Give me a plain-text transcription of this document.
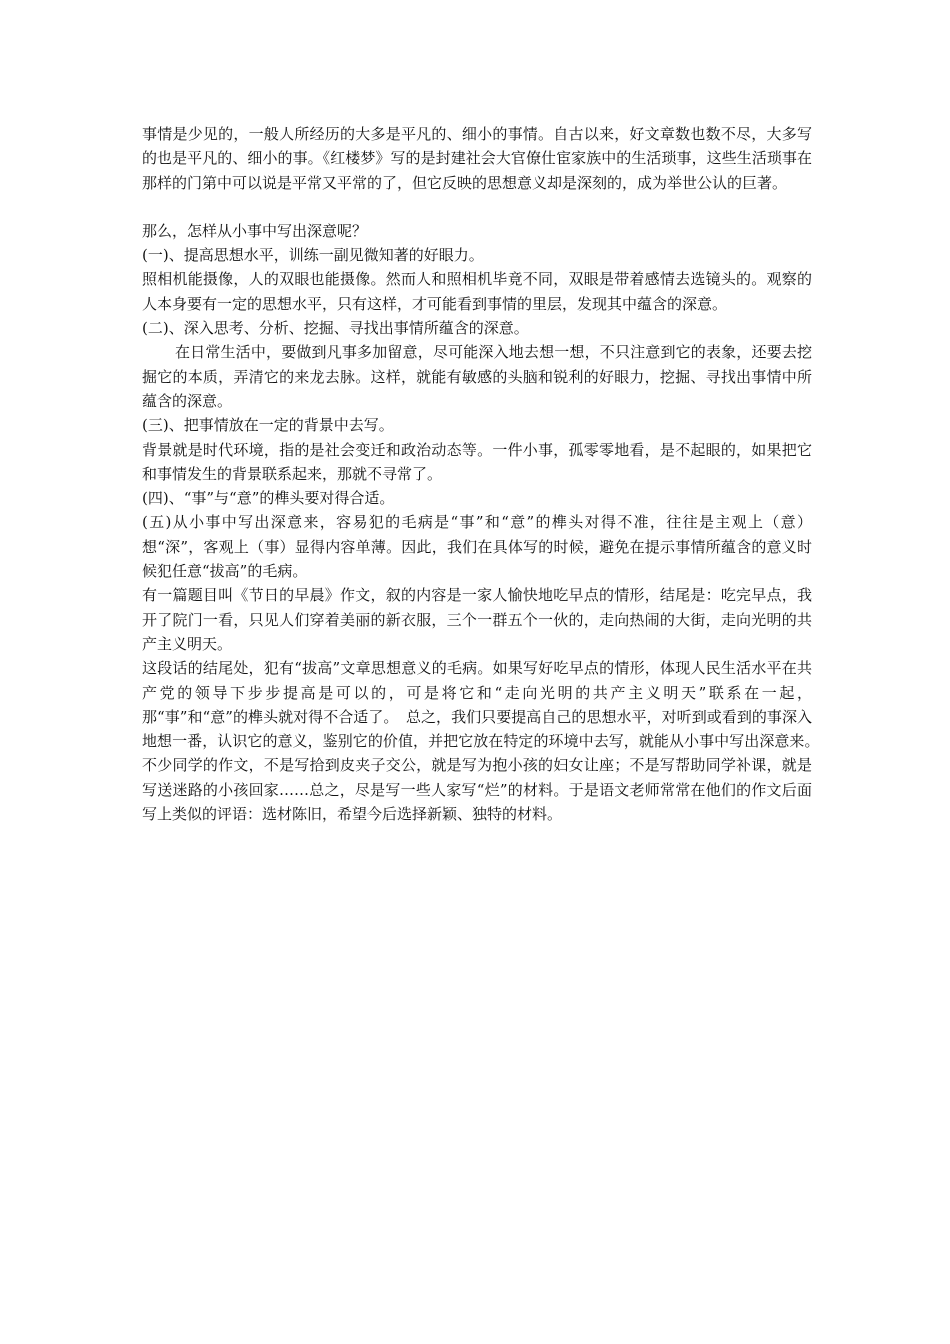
事情是少见的，一般人所经历的大多是平凡的、细小的事情。自古以来，好文章数也数不尽，大多写的也是平凡的、细小的事。《红楼梦》写的是封建社会大官僚仕宦家族中的生活琐事，这些生活琐事在那样的门第中可以说是平常又平常的了，但它反映的思想意义却是深刻的，成为举世公认的巨著。

那么，怎样从小事中写出深意呢？

(一)、提高思想水平，训练一副见微知著的好眼力。

照相机能摄像，人的双眼也能摄像。然而人和照相机毕竟不同，双眼是带着感情去选镜头的。观察的人本身要有一定的思想水平，只有这样，才可能看到事情的里层，发现其中蕴含的深意。

(二)、深入思考、分析、挖掘、寻找出事情所蕴含的深意。

在日常生活中，要做到凡事多加留意，尽可能深入地去想一想，不只注意到它的表象，还要去挖掘它的本质，弄清它的来龙去脉。这样，就能有敏感的头脑和锐利的好眼力，挖掘、寻找出事情中所蕴含的深意。

(三)、把事情放在一定的背景中去写。

背景就是时代环境，指的是社会变迁和政治动态等。一件小事，孤零零地看，是不起眼的，如果把它和事情发生的背景联系起来，那就不寻常了。

(四)、“事”与“意”的榫头要对得合适。

(五)从小事中写出深意来，容易犯的毛病是“事”和“意”的榫头对得不准，往往是主观上（意）想“深”，客观上（事）显得内容单薄。因此，我们在具体写的时候，避免在提示事情所蕴含的意义时候犯任意“拔高”的毛病。

有一篇题目叫《节日的早晨》作文，叙的内容是一家人愉快地吃早点的情形，结尾是：吃完早点，我开了院门一看，只见人们穿着美丽的新衣服，三个一群五个一伙的，走向热闹的大街，走向光明的共产主义明天。

这段话的结尾处，犯有“拔高”文章思想意义的毛病。如果写好吃早点的情形，体现人民生活水平在共产党的领导下步步提高是可以的，可是将它和“走向光明的共产主义明天”联系在一起，那“事”和“意”的榫头就对得不合适了。　总之，我们只要提高自己的思想水平，对听到或看到的事深入地想一番，认识它的意义，鉴别它的价值，并把它放在特定的环境中去写，就能从小事中写出深意来。　不少同学的作文，不是写拾到皮夹子交公，就是写为抱小孩的妇女让座；不是写帮助同学补课，就是写送迷路的小孩回家……总之，尽是写一些人家写“烂”的材料。于是语文老师常常在他们的作文后面写上类似的评语：选材陈旧，希望今后选择新颖、独特的材料。
